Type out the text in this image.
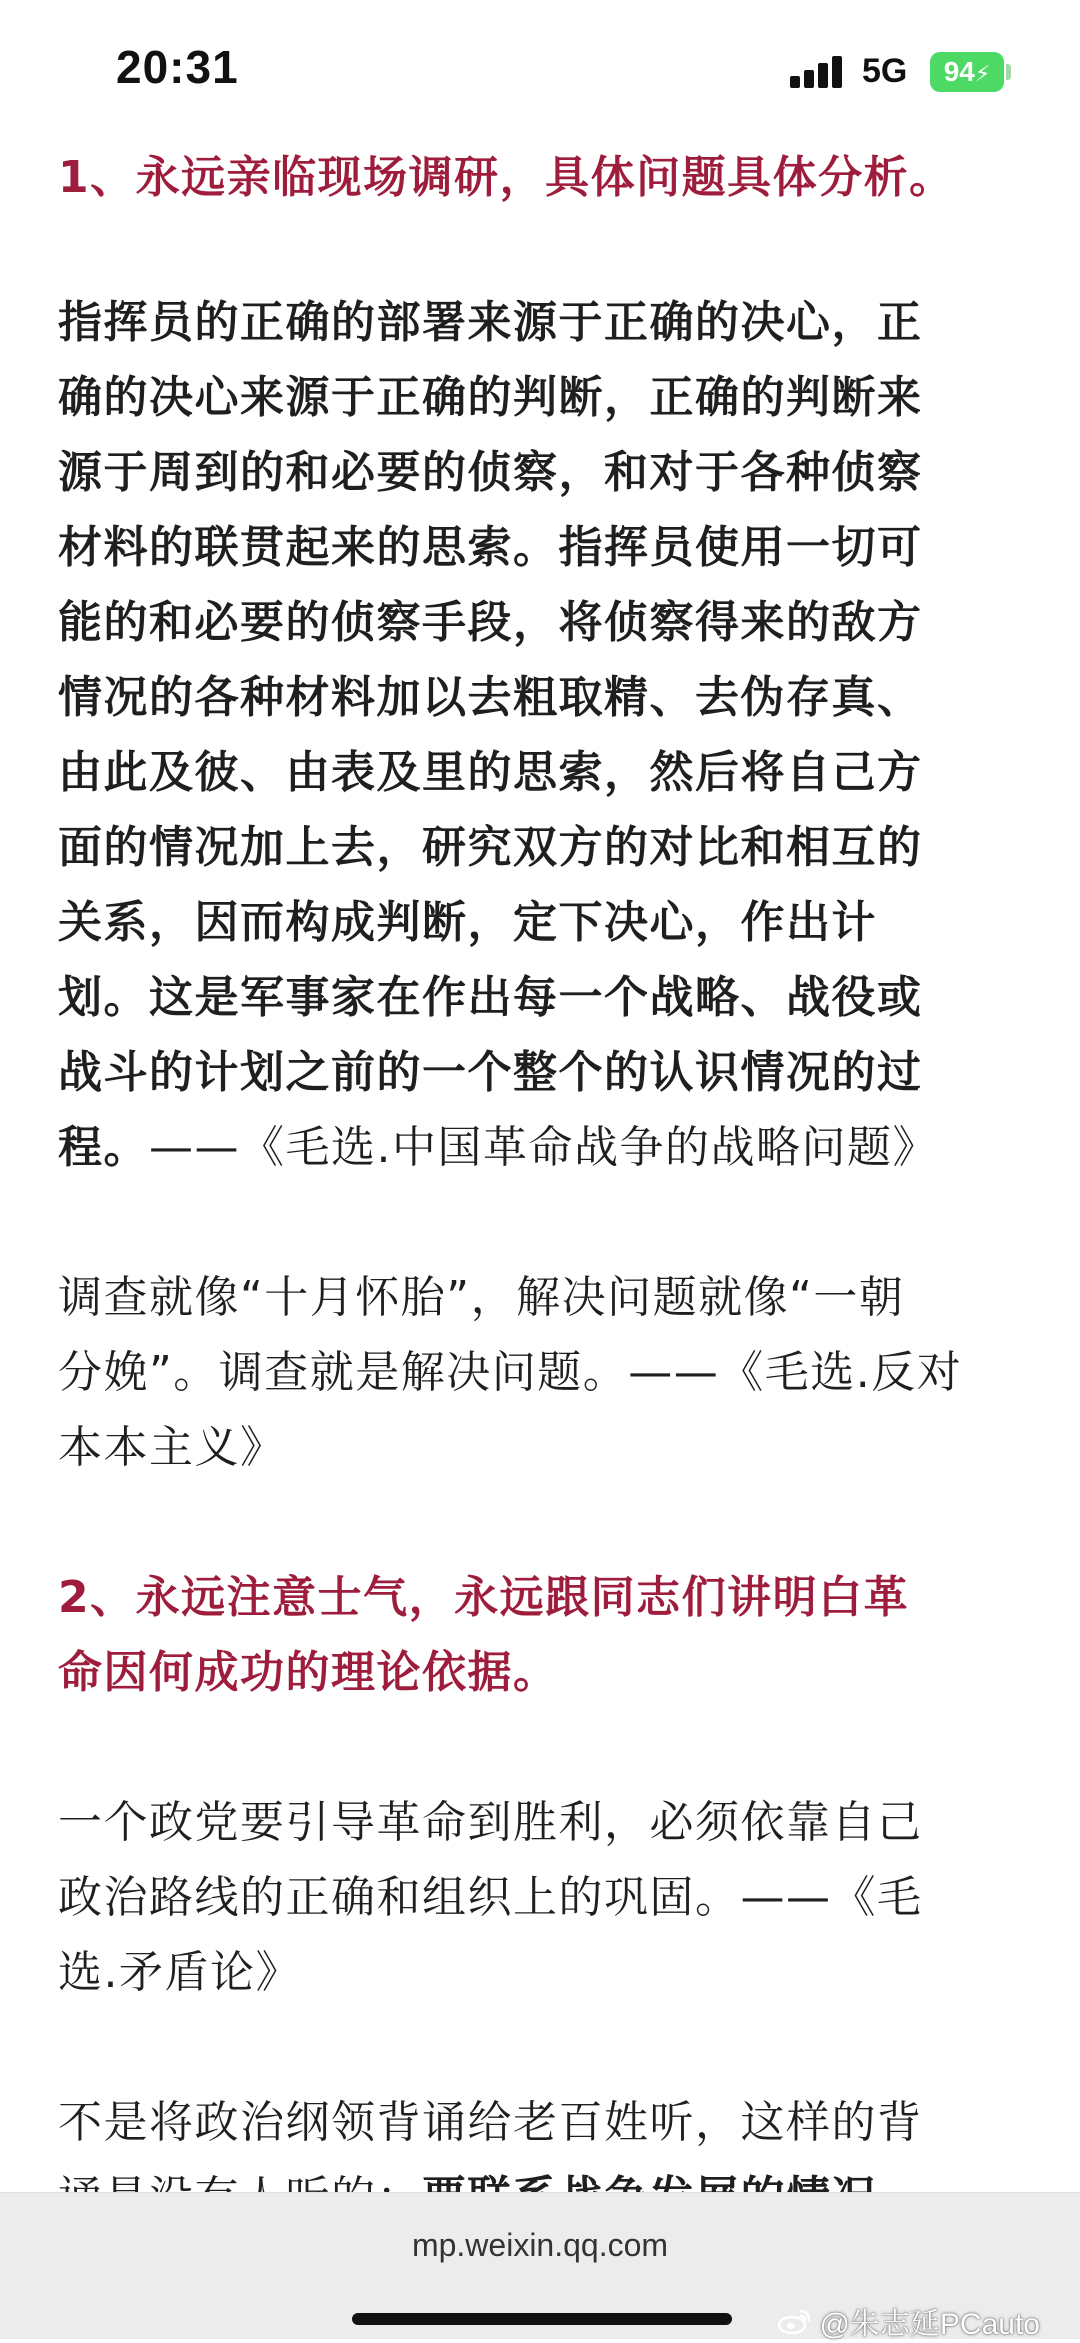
20:31	5G	94⚡

1、永远亲临现场调研，具体问题具体分析。

指挥员的正确的部署来源于正确的决心，正

确的决心来源于正确的判断，正确的判断来

源于周到的和必要的侦察，和对于各种侦察

材料的联贯起来的思索。指挥员使用一切可

能的和必要的侦察手段，将侦察得来的敌方

情况的各种材料加以去粗取精、去伪存真、

由此及彼、由表及里的思索，然后将自己方

面的情况加上去，研究双方的对比和相互的

关系，因而构成判断，定下决心，作出计

划。这是军事家在作出每一个战略、战役或

战斗的计划之前的一个整个的认识情况的过

程。——《毛选.中国革命战争的战略问题》

调查就像“十月怀胎”，解决问题就像“一朝

分娩”。调查就是解决问题。——《毛选.反对

本本主义》

2、永远注意士气，永远跟同志们讲明白革

命因何成功的理论依据。

一个政党要引导革命到胜利，必须依靠自己

政治路线的正确和组织上的巩固。——《毛

选.矛盾论》

不是将政治纲领背诵给老百姓听，这样的背

mp.weixin.qq.com
@朱志延PCauto
